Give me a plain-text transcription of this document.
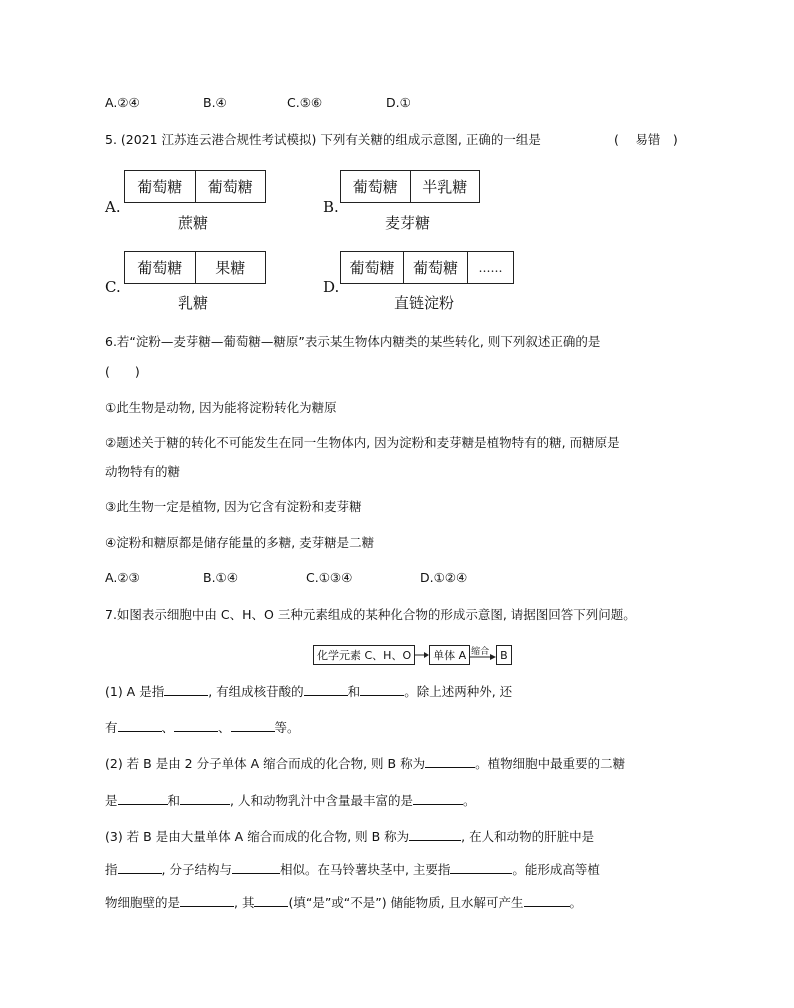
A.②④	B.④	C.⑤⑥	D.①
5. (2021 江苏连云港合规性考试模拟) 下列有关糖的组成示意图, 正确的一组是	(　 易错　)
A.
葡萄糖	葡萄糖
蔗糖
B.
葡萄糖	半乳糖
麦芽糖
C.
葡萄糖	果糖
乳糖
D.
葡萄糖	葡萄糖	……
直链淀粉
6.若“淀粉—麦芽糖—葡萄糖—糖原”表示某生物体内糖类的某些转化, 则下列叙述正确的是
(　　)
①此生物是动物, 因为能将淀粉转化为糖原
②题述关于糖的转化不可能发生在同一生物体内, 因为淀粉和麦芽糖是植物特有的糖, 而糖原是
动物特有的糖
③此生物一定是植物, 因为它含有淀粉和麦芽糖
④淀粉和糖原都是储存能量的多糖, 麦芽糖是二糖
A.②③	B.①④	C.①③④	D.①②④
7.如图表示细胞中由 C、H、O 三种元素组成的某种化合物的形成示意图, 请据图回答下列问题。
化学元素 C、H、O	单体 A 缩合 B
(1) A 是指	, 有组成核苷酸的	和	。除上述两种外, 还
有	、	、	等。
(2) 若 B 是由 2 分子单体 A 缩合而成的化合物, 则 B 称为	。植物细胞中最重要的二糖
是	和	, 人和动物乳汁中含量最丰富的是	。
(3) 若 B 是由大量单体 A 缩合而成的化合物, 则 B 称为	, 在人和动物的肝脏中是
指	, 分子结构与	相似。在马铃薯块茎中, 主要指	。能形成高等植
物细胞壁的是	, 其	(填“是”或“不是”) 储能物质, 且水解可产生	。
